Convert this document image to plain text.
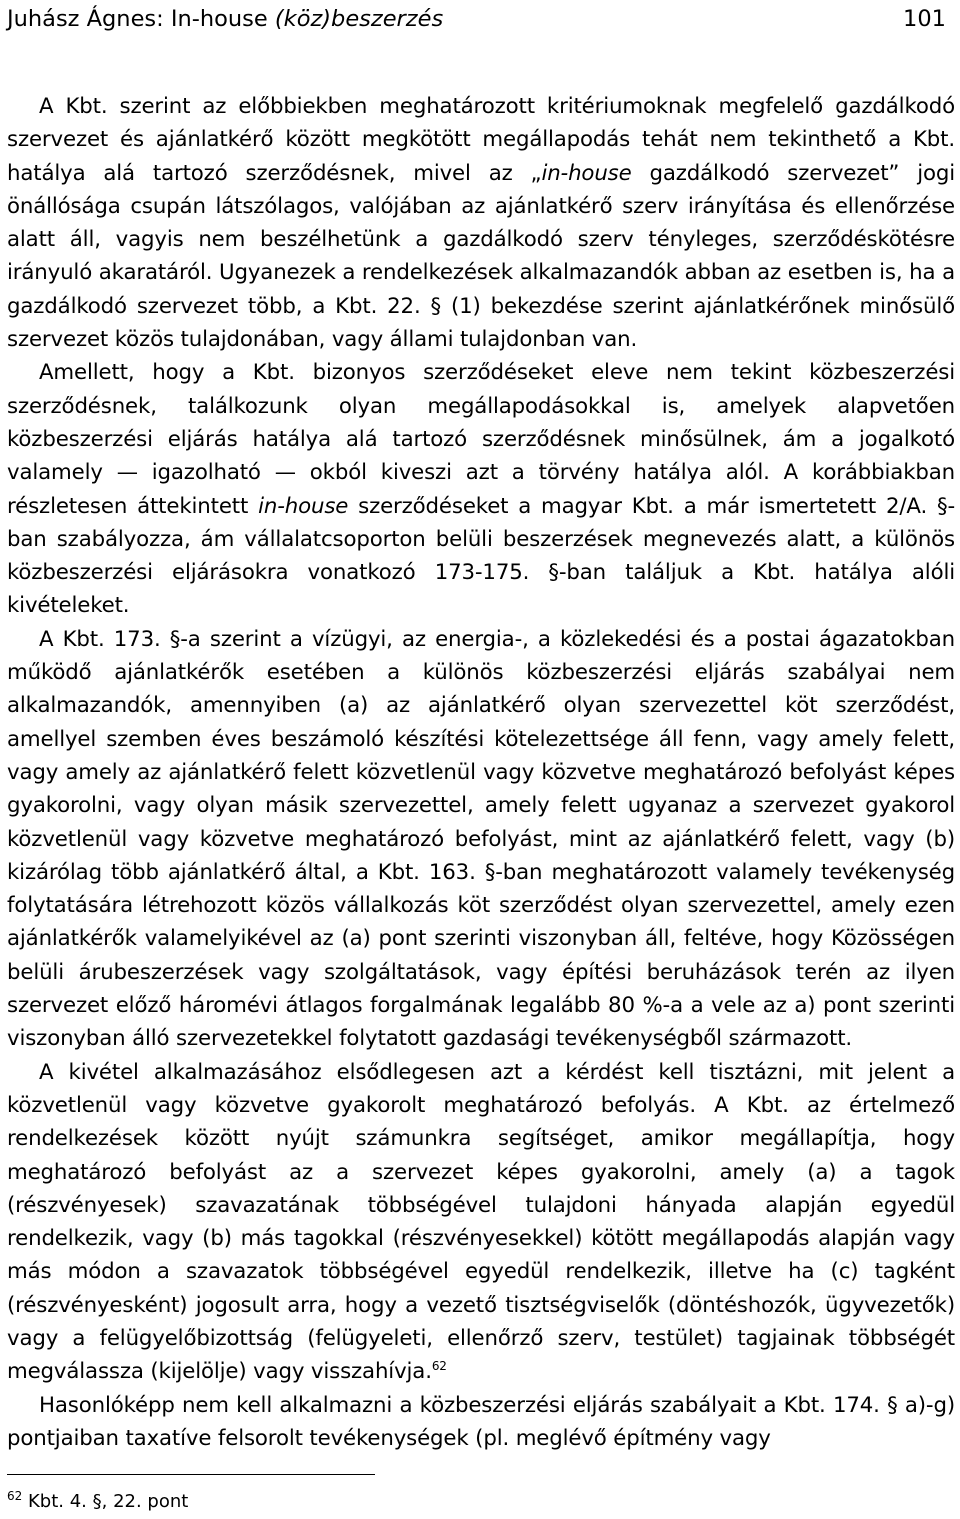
Juhász Ágnes: In-house (köz)beszerzés	101

A Kbt. szerint az előbbiekben meghatározott kritériumoknak megfelelő gazdálkodó szervezet és ajánlatkérő között megkötött megállapodás tehát nem tekinthető a Kbt. hatálya alá tartozó szerződésnek, mivel az „in-house gazdálkodó szervezet” jogi önállósága csupán látszólagos, valójában az ajánlatkérő szerv irányítása és ellenőrzése alatt áll, vagyis nem beszélhetünk a gazdálkodó szerv tényleges, szerződéskötésre irányuló akaratáról. Ugyanezek a rendelkezések alkalmazandók abban az esetben is, ha a gazdálkodó szervezet több, a Kbt. 22. § (1) bekezdése szerint ajánlatkérőnek minősülő szervezet közös tulajdonában, vagy állami tulajdonban van.

Amellett, hogy a Kbt. bizonyos szerződéseket eleve nem tekint közbeszerzési szerződésnek, találkozunk olyan megállapodásokkal is, amelyek alapvetően közbeszerzési eljárás hatálya alá tartozó szerződésnek minősülnek, ám a jogalkotó valamely — igazolható — okból kiveszi azt a törvény hatálya alól. A korábbiakban részletesen áttekintett in-house szerződéseket a magyar Kbt. a már ismertetett 2/A. §-ban szabályozza, ám vállalatcsoporton belüli beszerzések megnevezés alatt, a különös közbeszerzési eljárásokra vonatkozó 173-175. §-ban találjuk a Kbt. hatálya alóli kivételeket.

A Kbt. 173. §-a szerint a vízügyi, az energia-, a közlekedési és a postai ágazatokban működő ajánlatkérők esetében a különös közbeszerzési eljárás szabályai nem alkalmazandók, amennyiben (a) az ajánlatkérő olyan szervezettel köt szerződést, amellyel szemben éves beszámoló készítési kötelezettsége áll fenn, vagy amely felett, vagy amely az ajánlatkérő felett közvetlenül vagy közvetve meghatározó befolyást képes gyakorolni, vagy olyan másik szervezettel, amely felett ugyanaz a szervezet gyakorol közvetlenül vagy közvetve meghatározó befolyást, mint az ajánlatkérő felett, vagy (b) kizárólag több ajánlatkérő által, a Kbt. 163. §-ban meghatározott valamely tevékenység folytatására létrehozott közös vállalkozás köt szerződést olyan szervezettel, amely ezen ajánlatkérők valamelyikével az (a) pont szerinti viszonyban áll, feltéve, hogy Közösségen belüli árubeszerzések vagy szolgáltatások, vagy építési beruházások terén az ilyen szervezet előző háromévi átlagos forgalmának legalább 80 %-a a vele az a) pont szerinti viszonyban álló szervezetekkel folytatott gazdasági tevékenységből származott.

A kivétel alkalmazásához elsődlegesen azt a kérdést kell tisztázni, mit jelent a közvetlenül vagy közvetve gyakorolt meghatározó befolyás. A Kbt. az értelmező rendelkezések között nyújt számunkra segítséget, amikor megállapítja, hogy meghatározó befolyást az a szervezet képes gyakorolni, amely (a) a tagok (részvényesek) szavazatának többségével tulajdoni hányada alapján egyedül rendelkezik, vagy (b) más tagokkal (részvényesekkel) kötött megállapodás alapján vagy más módon a szavazatok többségével egyedül rendelkezik, illetve ha (c) tagként (részvényesként) jogosult arra, hogy a vezető tisztségviselők (döntéshozók, ügyvezetők) vagy a felügyelőbizottság (felügyeleti, ellenőrző szerv, testület) tagjainak többségét megválassza (kijelölje) vagy visszahívja.$^{62}$

Hasonlóképp nem kell alkalmazni a közbeszerzési eljárás szabályait a Kbt. 174. § a)-g) pontjaiban taxatíve felsorolt tevékenységek (pl. meglévő építmény vagy

$^{62}$ Kbt. 4. §, 22. pont
